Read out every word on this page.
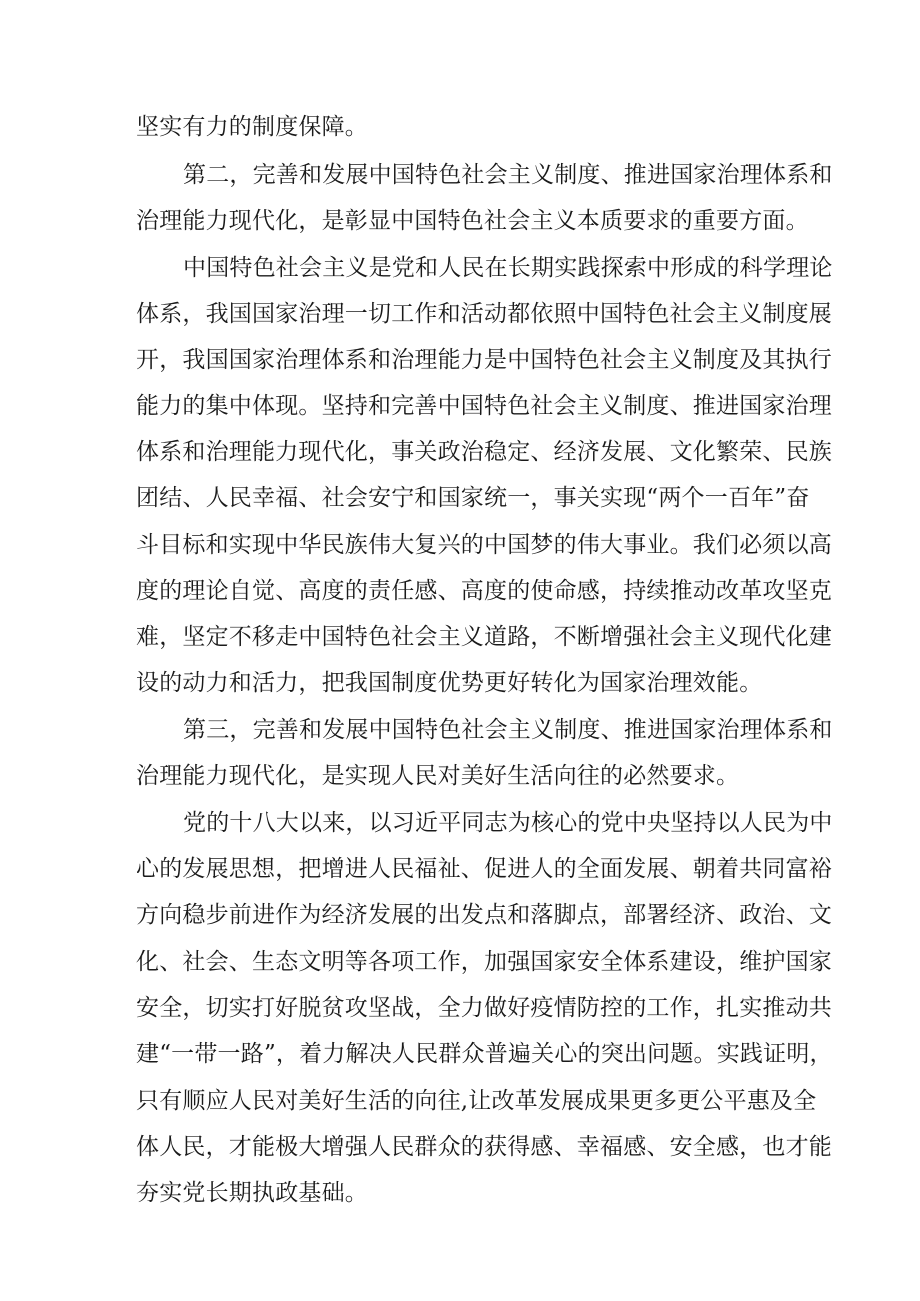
坚实有力的制度保障。
第二，完善和发展中国特色社会主义制度、推进国家治理体系和
治理能力现代化，是彰显中国特色社会主义本质要求的重要方面。
中国特色社会主义是党和人民在长期实践探索中形成的科学理论
体系，我国国家治理一切工作和活动都依照中国特色社会主义制度展
开，我国国家治理体系和治理能力是中国特色社会主义制度及其执行
能力的集中体现。坚持和完善中国特色社会主义制度、推进国家治理
体系和治理能力现代化，事关政治稳定、经济发展、文化繁荣、民族
团结、人民幸福、社会安宁和国家统一，事关实现“两个一百年”奋
斗目标和实现中华民族伟大复兴的中国梦的伟大事业。我们必须以高
度的理论自觉、高度的责任感、高度的使命感，持续推动改革攻坚克
难，坚定不移走中国特色社会主义道路，不断增强社会主义现代化建
设的动力和活力，把我国制度优势更好转化为国家治理效能。
第三，完善和发展中国特色社会主义制度、推进国家治理体系和
治理能力现代化，是实现人民对美好生活向往的必然要求。
党的十八大以来，以习近平同志为核心的党中央坚持以人民为中
心的发展思想，把增进人民福祉、促进人的全面发展、朝着共同富裕
方向稳步前进作为经济发展的出发点和落脚点，部署经济、政治、文
化、社会、生态文明等各项工作，加强国家安全体系建设，维护国家
安全，切实打好脱贫攻坚战，全力做好疫情防控的工作，扎实推动共
建“一带一路”，着力解决人民群众普遍关心的突出问题。实践证明，
只有顺应人民对美好生活的向往,让改革发展成果更多更公平惠及全
体人民，才能极大增强人民群众的获得感、幸福感、安全感，也才能
夯实党长期执政基础。
